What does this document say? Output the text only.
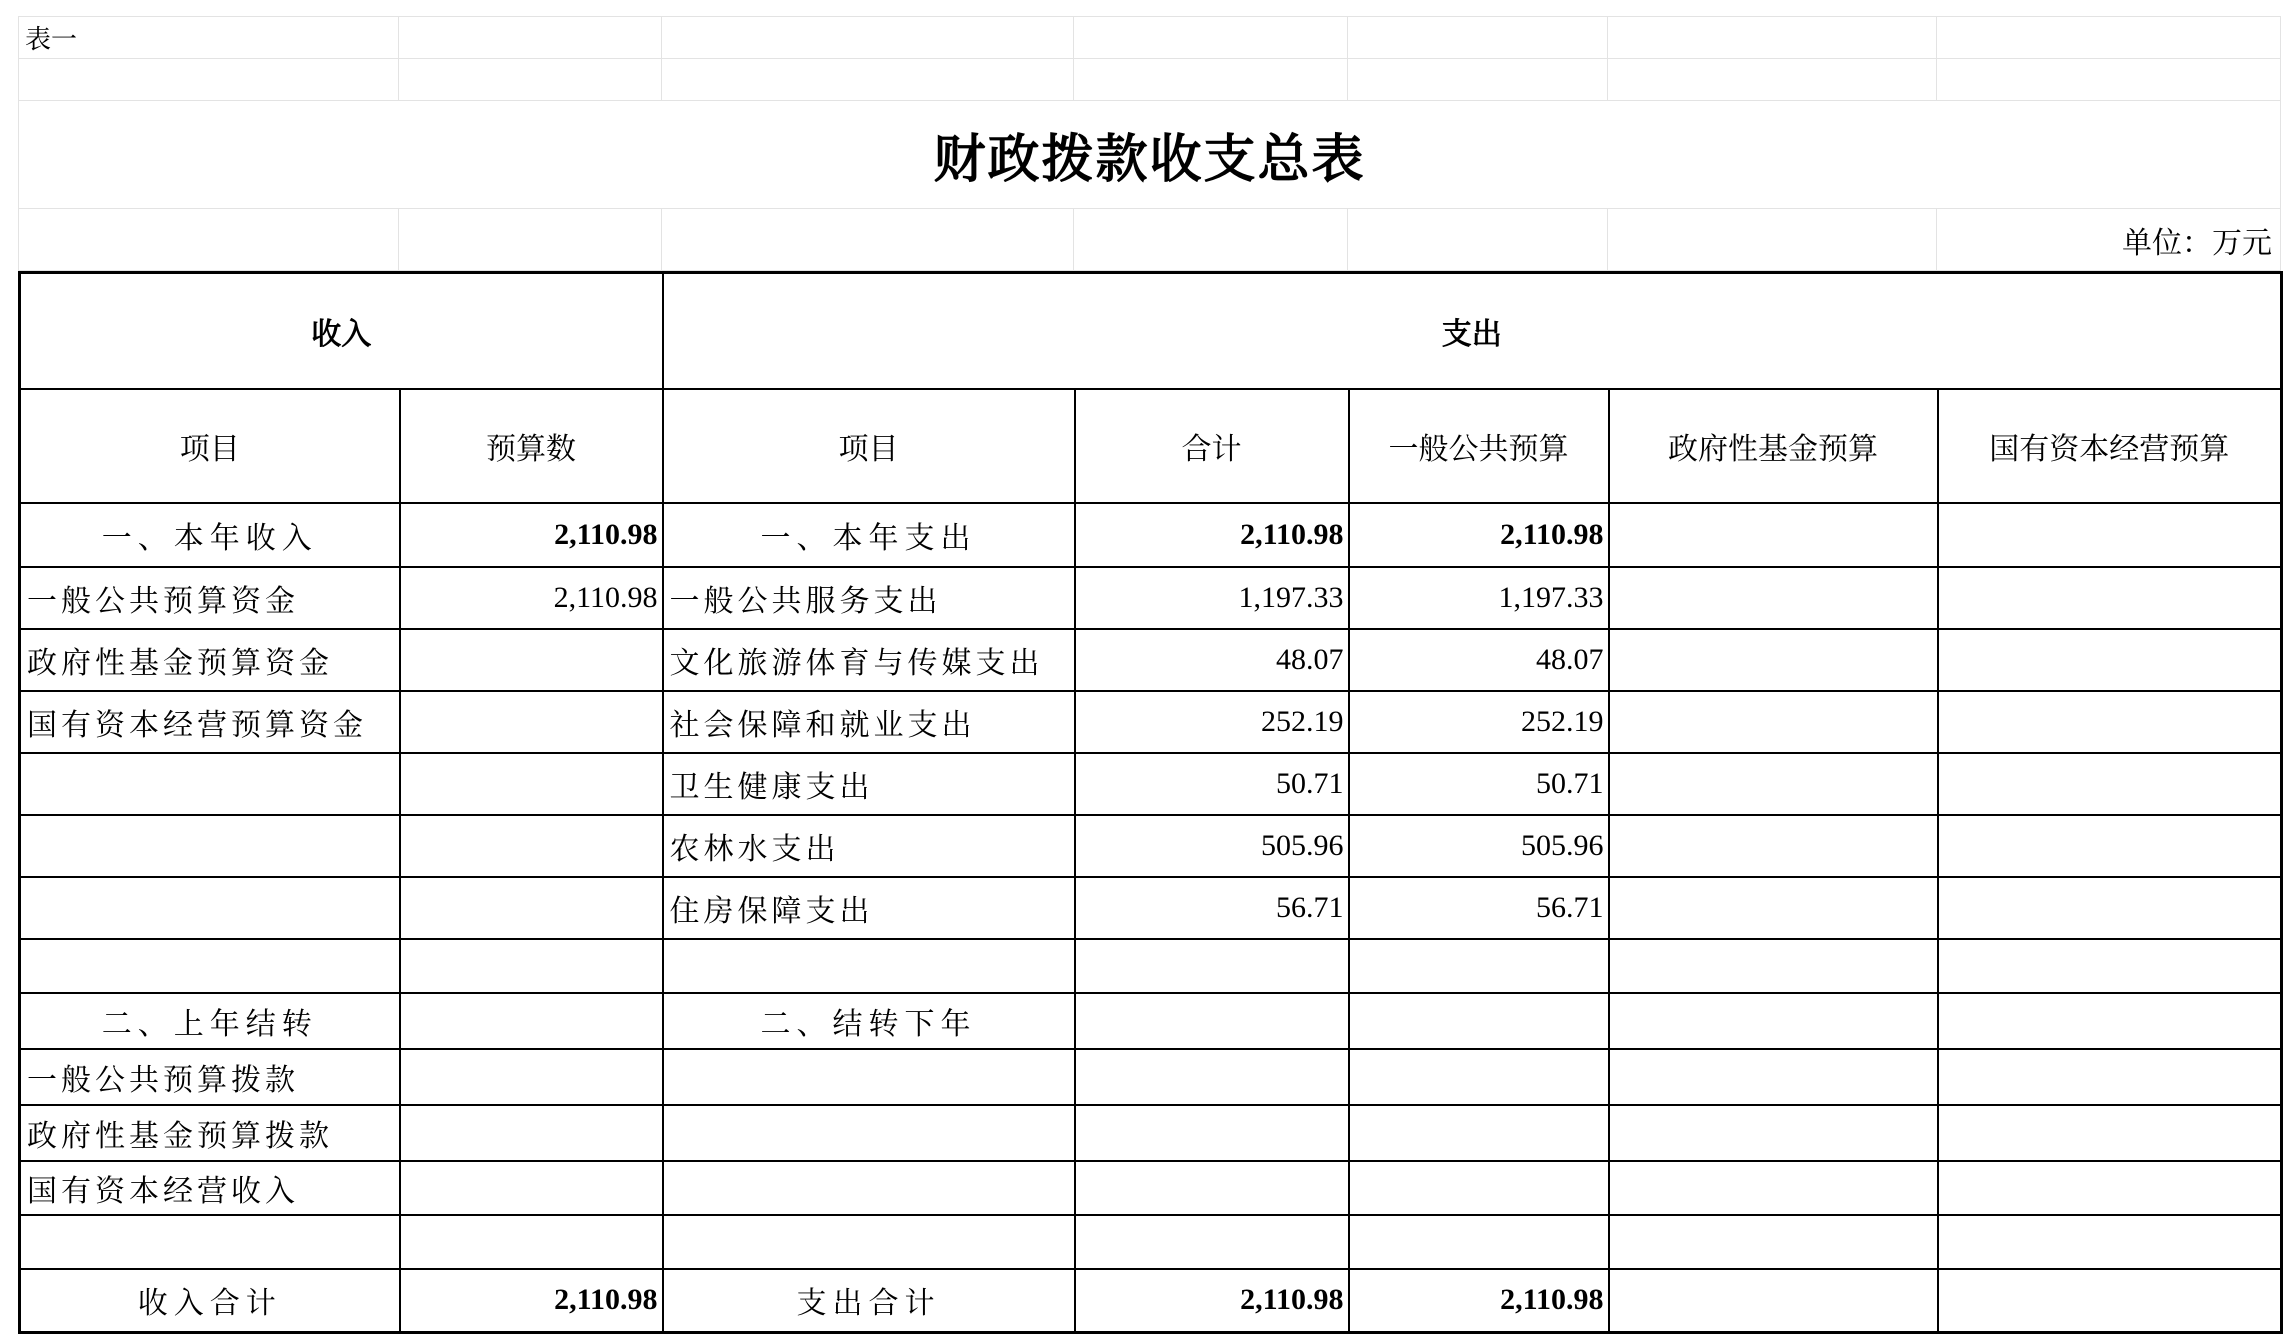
表一						

财政拨款收支总表						
						单位：万元
收入		支出				
项目	预算数	项目	合计	一般公共预算	政府性基金预算	国有资本经营预算
一、本年收入	2,110.98	一、本年支出	2,110.98	2,110.98		
一般公共预算资金	2,110.98	一般公共服务支出	1,197.33	1,197.33		
政府性基金预算资金		文化旅游体育与传媒支出	48.07	48.07		
国有资本经营预算资金		社会保障和就业支出	252.19	252.19		
		卫生健康支出	50.71	50.71		
		农林水支出	505.96	505.96		
		住房保障支出	56.71	56.71		

二、上年结转		二、结转下年				
一般公共预算拨款						
政府性基金预算拨款						
国有资本经营收入						

收入合计	2,110.98	支出合计	2,110.98	2,110.98		
